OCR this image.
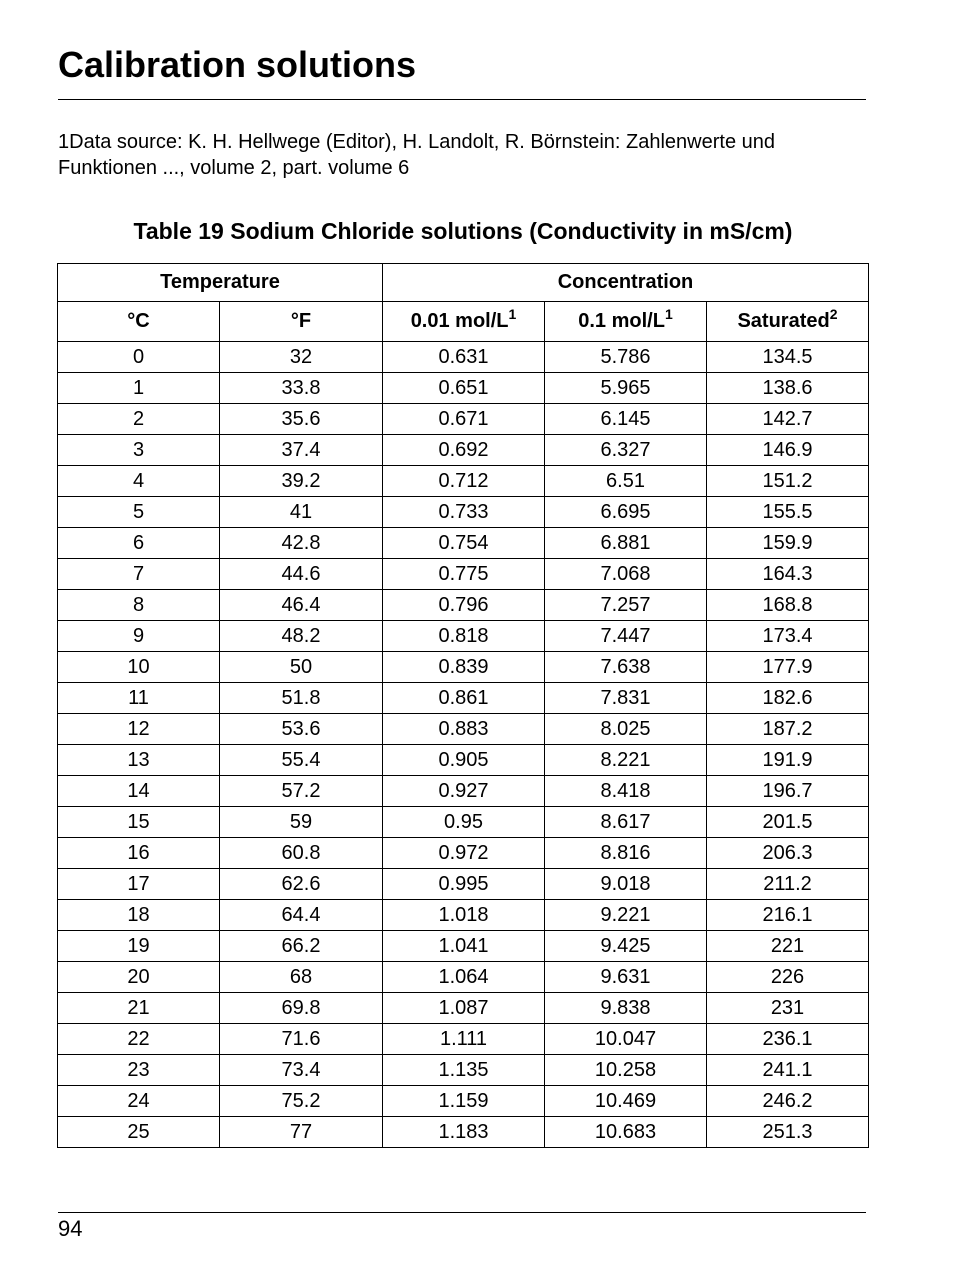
Calibration solutions
1Data source: K. H. Hellwege (Editor), H. Landolt, R. Börnstein: Zahlenwerte und Funktionen ..., volume 2, part. volume 6
Table 19 Sodium Chloride solutions (Conductivity in mS/cm)
Temperature		Concentration		
°C	°F	0.01 mol/$L^1$	0.1 mol/$L^1$	Saturated$^2$
0	32	0.631	5.786	134.5
1	33.8	0.651	5.965	138.6
2	35.6	0.671	6.145	142.7
3	37.4	0.692	6.327	146.9
4	39.2	0.712	6.51	151.2
5	41	0.733	6.695	155.5
6	42.8	0.754	6.881	159.9
7	44.6	0.775	7.068	164.3
8	46.4	0.796	7.257	168.8
9	48.2	0.818	7.447	173.4
10	50	0.839	7.638	177.9
11	51.8	0.861	7.831	182.6
12	53.6	0.883	8.025	187.2
13	55.4	0.905	8.221	191.9
14	57.2	0.927	8.418	196.7
15	59	0.95	8.617	201.5
16	60.8	0.972	8.816	206.3
17	62.6	0.995	9.018	211.2
18	64.4	1.018	9.221	216.1
19	66.2	1.041	9.425	221
20	68	1.064	9.631	226
21	69.8	1.087	9.838	231
22	71.6	1.111	10.047	236.1
23	73.4	1.135	10.258	241.1
24	75.2	1.159	10.469	246.2
25	77	1.183	10.683	251.3
94
